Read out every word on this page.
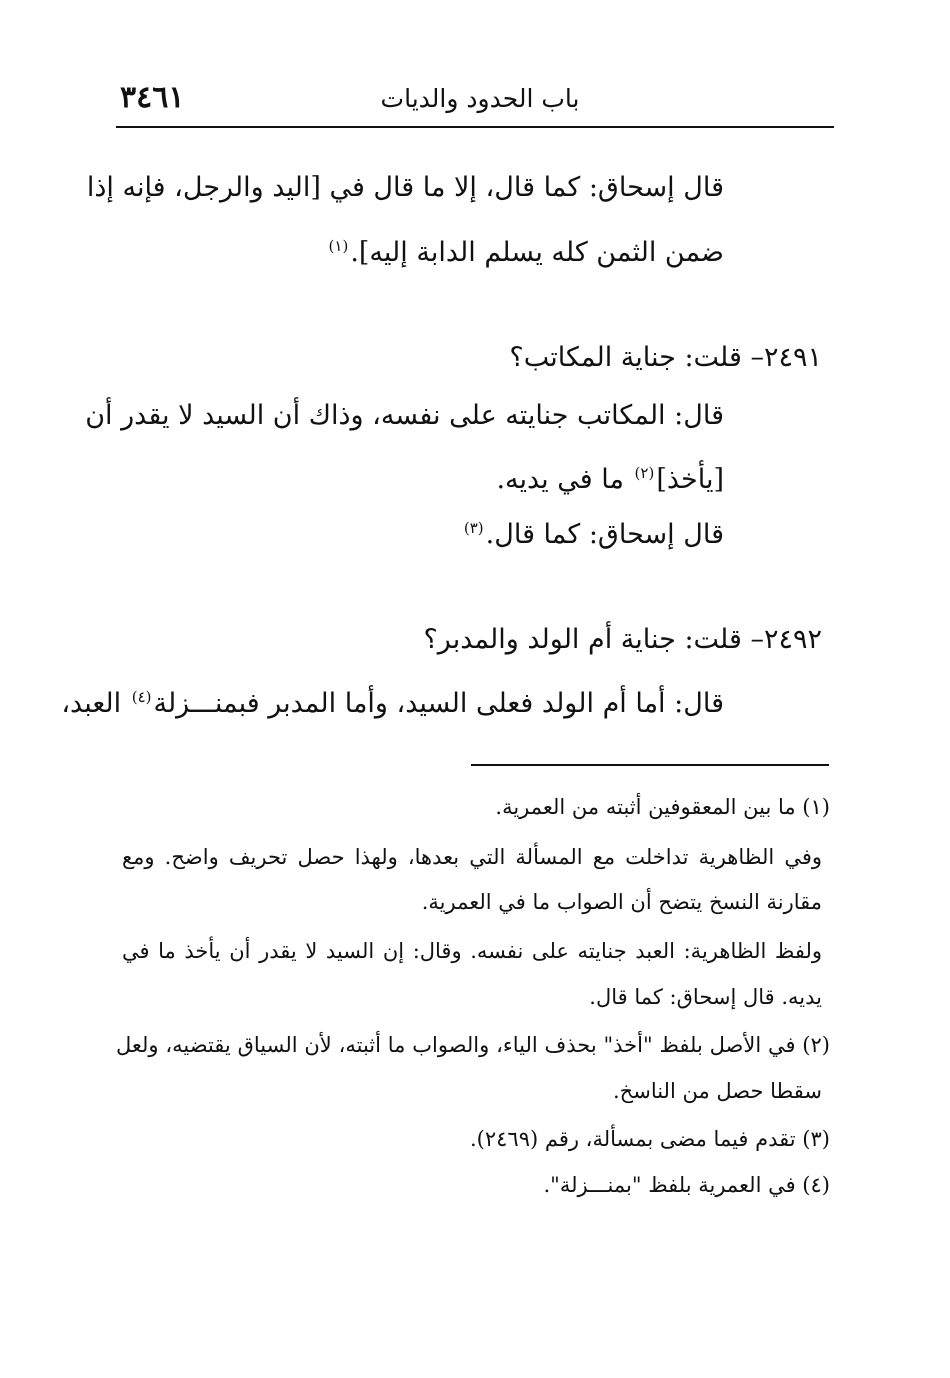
٣٤٦١	باب الحدود والديات
قال إسحاق: كما قال، إلا ما قال في [اليد والرجل، فإنه إذا
ضمن الثمن كله يسلم الدابة إليه].$^{(١)}$
٢٤٩١– قلت: جناية المكاتب؟
قال: المكاتب جنايته على نفسه، وذاك أن السيد لا يقدر أن
[يأخذ]$^{(٢)}$ ما في يديه.
قال إسحاق: كما قال.$^{(٣)}$
٢٤٩٢– قلت: جناية أم الولد والمدبر؟
قال: أما أم الولد فعلى السيد، وأما المدبر فبمنـــزلة$^{(٤)}$ العبد،
(١) ما بين المعقوفين أثبته من العمرية.
وفي الظاهرية تداخلت مع المسألة التي بعدها، ولهذا حصل تحريف واضح. ومع
مقارنة النسخ يتضح أن الصواب ما في العمرية.
ولفظ الظاهرية: العبد جنايته على نفسه. وقال: إن السيد لا يقدر أن يأخذ ما في
يديه. قال إسحاق: كما قال.
(٢) في الأصل بلفظ "أخذ" بحذف الياء، والصواب ما أثبته، لأن السياق يقتضيه، ولعل
سقطا حصل من الناسخ.
(٣) تقدم فيما مضى بمسألة، رقم (٢٤٦٩).
(٤) في العمرية بلفظ "بمنـــزلة".
